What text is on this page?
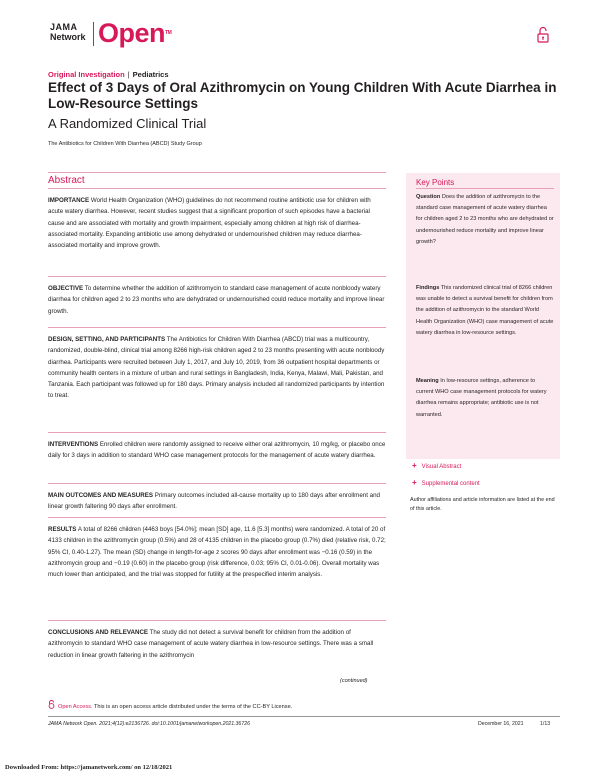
JAMA
Network Open™
Original Investigation | Pediatrics
Effect of 3 Days of Oral Azithromycin on Young Children With Acute Diarrhea in Low-Resource Settings
A Randomized Clinical Trial
The Antibiotics for Children With Diarrhea (ABCD) Study Group
Abstract
IMPORTANCE World Health Organization (WHO) guidelines do not recommend routine antibiotic use for children with acute watery diarrhea. However, recent studies suggest that a significant proportion of such episodes have a bacterial cause and are associated with mortality and growth impairment, especially among children at high risk of diarrhea-associated mortality. Expanding antibiotic use among dehydrated or undernourished children may reduce diarrhea-associated mortality and improve growth.
OBJECTIVE To determine whether the addition of azithromycin to standard case management of acute nonbloody watery diarrhea for children aged 2 to 23 months who are dehydrated or undernourished could reduce mortality and improve linear growth.
DESIGN, SETTING, AND PARTICIPANTS The Antibiotics for Children With Diarrhea (ABCD) trial was a multicountry, randomized, double-blind, clinical trial among 8266 high-risk children aged 2 to 23 months presenting with acute nonbloody diarrhea. Participants were recruited between July 1, 2017, and July 10, 2019, from 36 outpatient hospital departments or community health centers in a mixture of urban and rural settings in Bangladesh, India, Kenya, Malawi, Mali, Pakistan, and Tanzania. Each participant was followed up for 180 days. Primary analysis included all randomized participants by intention to treat.
INTERVENTIONS Enrolled children were randomly assigned to receive either oral azithromycin, 10 mg/kg, or placebo once daily for 3 days in addition to standard WHO case management protocols for the management of acute watery diarrhea.
MAIN OUTCOMES AND MEASURES Primary outcomes included all-cause mortality up to 180 days after enrollment and linear growth faltering 90 days after enrollment.
RESULTS A total of 8266 children (4463 boys [54.0%]; mean [SD] age, 11.6 [5.3] months) were randomized. A total of 20 of 4133 children in the azithromycin group (0.5%) and 28 of 4135 children in the placebo group (0.7%) died (relative risk, 0.72; 95% CI, 0.40-1.27). The mean (SD) change in length-for-age z scores 90 days after enrollment was −0.16 (0.59) in the azithromycin group and −0.19 (0.60) in the placebo group (risk difference, 0.03; 95% CI, 0.01-0.06). Overall mortality was much lower than anticipated, and the trial was stopped for futility at the prespecified interim analysis.
CONCLUSIONS AND RELEVANCE The study did not detect a survival benefit for children from the addition of azithromycin to standard WHO case management of acute watery diarrhea in low-resource settings. There was a small reduction in linear growth faltering in the azithromycin
(continued)
Key Points
Question Does the addition of azithromycin to the standard case management of acute watery diarrhea for children aged 2 to 23 months who are dehydrated or undernourished reduce mortality and improve linear growth?
Findings This randomized clinical trial of 8266 children was unable to detect a survival benefit for children from the addition of azithromycin to the standard World Health Organization (WHO) case management of acute watery diarrhea in low-resource settings.
Meaning In low-resource settings, adherence to current WHO case management protocols for watery diarrhea remains appropriate; antibiotic use is not warranted.
+ Visual Abstract
+ Supplemental content
Author affiliations and article information are listed at the end of this article.
Open Access. This is an open access article distributed under the terms of the CC-BY License.
JAMA Network Open. 2021;4(12):e2136726. doi:10.1001/jamanetworkopen.2021.36726	December 16, 2021	1/13
Downloaded From: https://jamanetwork.com/ on 12/18/2021
